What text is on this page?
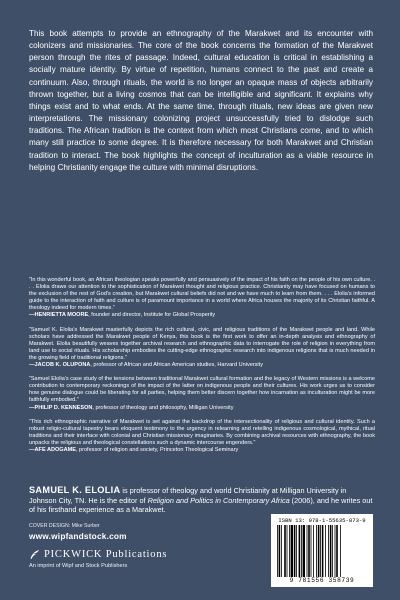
This book attempts to provide an ethnography of the Marakwet and its encounter with colonizers and missionaries. The core of the book concerns the formation of the Marakwet person through the rites of passage. Indeed, cultural education is critical in establishing a socially mature identity. By virtue of repetition, humans connect to the past and create a continuum. Also, through rituals, the world is no longer an opaque mass of objects arbitrarily thrown together, but a living cosmos that can be intelligible and significant. It explains why things exist and to what ends. At the same time, through rituals, new ideas are given new interpretations. The missionary colonizing project unsuccessfully tried to dislodge such traditions. The African tradition is the context from which most Christians come, and to which many still practice to some degree. It is therefore necessary for both Marakwet and Christian tradition to interact. The book highlights the concept of inculturation as a viable resource in helping Christianity engage the culture with minimal disruptions.

“In this wonderful book, an African theologian speaks powerfully and persuasively of the impact of his faith on the people of his own culture. . . . Elolia draws our attention to the sophistication of Marakwet thought and religious practice. Christianity may have focused on humans to the exclusion of the rest of God’s creation, but Marakwet cultural beliefs did not and we have much to learn from them. . . . Elolia’s informed guide to the interaction of faith and culture is of paramount importance in a world where Africa houses the majority of its Christian faithful. A theology indeed for modern times.”

—HENRIETTA MOORE, founder and director, Institute for Global Prosperity

“Samuel K. Elolia’s Marakwet masterfully depicts the rich cultural, civic, and religious traditions of the Marakwet people and land. While scholars have addressed the Marakwet people of Kenya, this book is the first work to offer an in-depth analysis and ethnography of Marakwet. Elolia beautifully weaves together archival research and ethnographic data to interrogate the role of religion in everything from land use to social rituals. His scholarship embodies the cutting-edge ethnographic research into indigenous religions that is much needed in the growing field of traditional religions.”

—JACOB K. OLUPONA, professor of African and African American studies, Harvard University

“Samuel Elolia’s case study of the tensions between traditional Marakwet cultural formation and the legacy of Western missions is a welcome contribution to contemporary reckonings of the impact of the latter on indigenous people and their cultures. His work urges us to consider how genuine dialogue could be liberating for all parties, helping them better discern together how incarnation as inculturation might be more faithfully embodied.”

—PHILIP D. KENNESON, professor of theology and philosophy, Milligan University

“This rich ethnographic narrative of Marakwet is set against the backdrop of the intersectionality of religious and cultural identity. Such a robust religio-cultural tapestry bears eloquent testimony to the urgency in relearning and retelling indigenous cosmological, mythical, ritual traditions and their interface with colonial and Christian missionary imaginaries. By combining archival resources with ethnography, the book unpacks the religious and theological constellations such a dynamic intercourse engenders.”

—AFE ADOGAME, professor of religion and society, Princeton Theological Seminary

SAMUEL K. ELOLIA is professor of theology and world Christianity at Milligan University in Johnson City, TN. He is the editor of Religion and Politics in Contemporary Africa (2006), and he writes out of his firsthand experience as a Marakwet.

COVER DESIGN: Mike Surber

www.wipfandstock.com

PICKWICK Publications

An imprint of Wipf and Stock Publishers

ISBN 13: 978-1-55635-873-9

9 781556 358739
